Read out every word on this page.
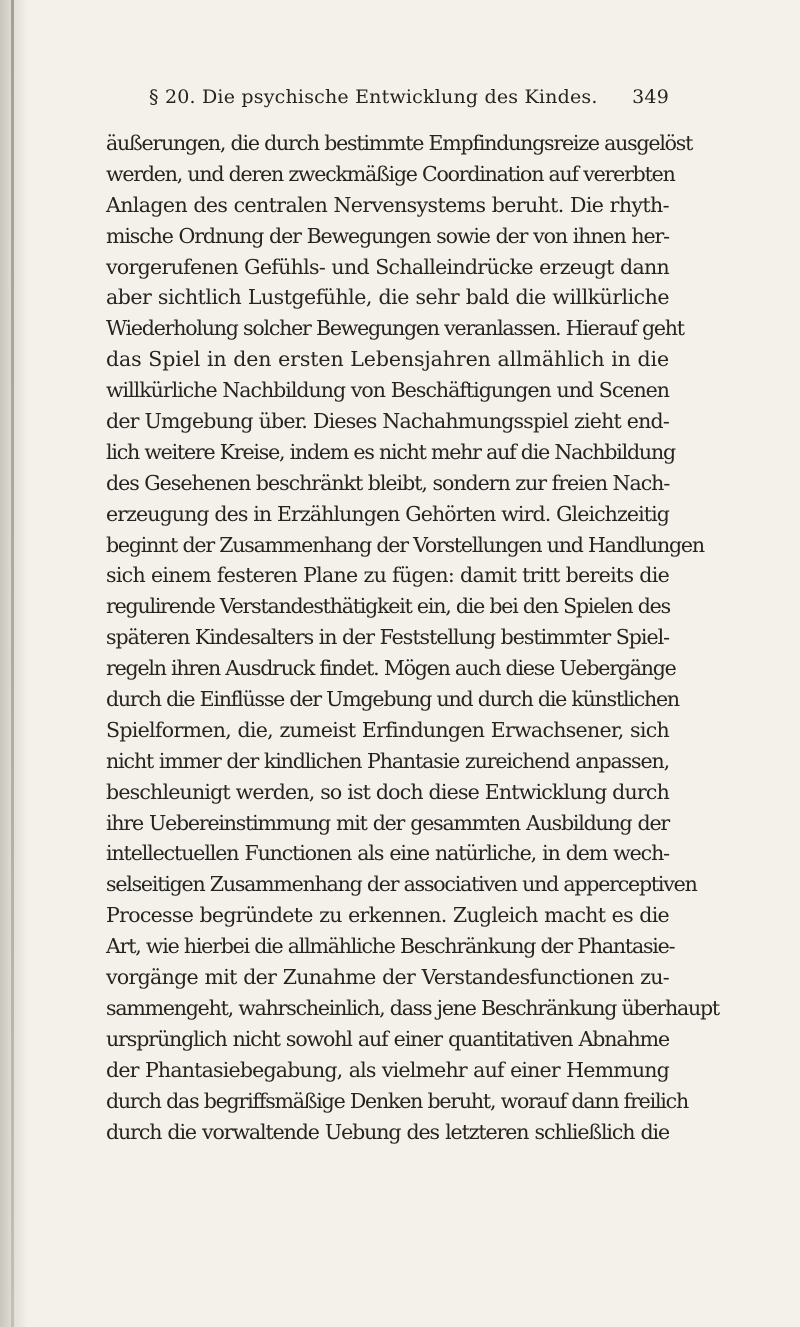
§ 20. Die psychische Entwicklung des Kindes. 349
äußerungen, die durch bestimmte Empfindungsreize ausgelöst
werden, und deren zweckmäßige Coordination auf vererbten
Anlagen des centralen Nervensystems beruht. Die rhyth-
mische Ordnung der Bewegungen sowie der von ihnen her-
vorgerufenen Gefühls- und Schalleindrücke erzeugt dann
aber sichtlich Lustgefühle, die sehr bald die willkürliche
Wiederholung solcher Bewegungen veranlassen. Hierauf geht
das Spiel in den ersten Lebensjahren allmählich in die
willkürliche Nachbildung von Beschäftigungen und Scenen
der Umgebung über. Dieses Nachahmungsspiel zieht end-
lich weitere Kreise, indem es nicht mehr auf die Nachbildung
des Gesehenen beschränkt bleibt, sondern zur freien Nach-
erzeugung des in Erzählungen Gehörten wird. Gleichzeitig
beginnt der Zusammenhang der Vorstellungen und Handlungen
sich einem festeren Plane zu fügen: damit tritt bereits die
regulirende Verstandesthätigkeit ein, die bei den Spielen des
späteren Kindesalters in der Feststellung bestimmter Spiel-
regeln ihren Ausdruck findet. Mögen auch diese Uebergänge
durch die Einflüsse der Umgebung und durch die künstlichen
Spielformen, die, zumeist Erfindungen Erwachsener, sich
nicht immer der kindlichen Phantasie zureichend anpassen,
beschleunigt werden, so ist doch diese Entwicklung durch
ihre Uebereinstimmung mit der gesammten Ausbildung der
intellectuellen Functionen als eine natürliche, in dem wech-
selseitigen Zusammenhang der associativen und apperceptiven
Processe begründete zu erkennen. Zugleich macht es die
Art, wie hierbei die allmähliche Beschränkung der Phantasie-
vorgänge mit der Zunahme der Verstandesfunctionen zu-
sammengeht, wahrscheinlich, dass jene Beschränkung überhaupt
ursprünglich nicht sowohl auf einer quantitativen Abnahme
der Phantasiebegabung, als vielmehr auf einer Hemmung
durch das begriffsmäßige Denken beruht, worauf dann freilich
durch die vorwaltende Uebung des letzteren schließlich die
